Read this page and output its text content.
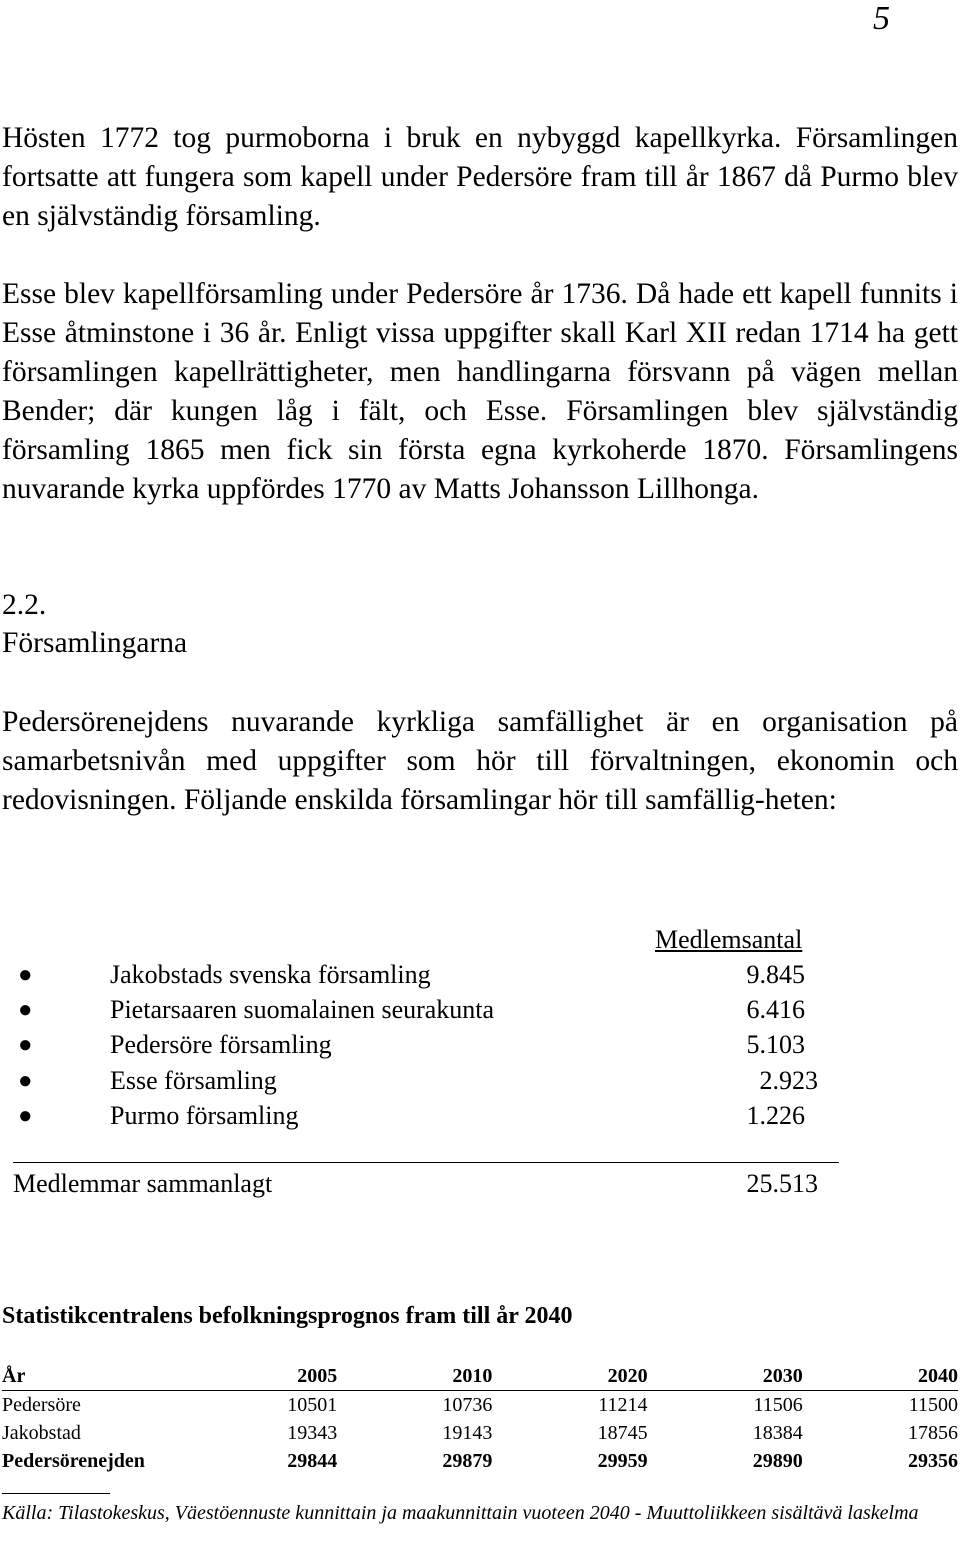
5

Hösten 1772 tog purmoborna i bruk en nybyggd kapellkyrka. Församlingen fortsatte att fungera som kapell under Pedersöre fram till år 1867 då Purmo blev en självständig församling.

Esse blev kapellförsamling under Pedersöre år 1736. Då hade ett kapell funnits i Esse åtminstone i 36 år. Enligt vissa uppgifter skall Karl XII redan 1714 ha gett församlingen kapellrättigheter, men handlingarna försvann på vägen mellan Bender; där kungen låg i fält, och Esse. Församlingen blev självständig församling 1865 men fick sin första egna kyrkoherde 1870. Församlingens nuvarande kyrka uppfördes 1770 av Matts Johansson Lillhonga.

2.2.
Församlingarna

Pedersörenejdens nuvarande kyrkliga samfällighet är en organisation på samarbetsnivån med uppgifter som hör till förvaltningen, ekonomin och redovisningen. Följande enskilda församlingar hör till samfällig-heten:

Medlemsantal
●	Jakobstads svenska församling	9.845
●	Pietarsaaren suomalainen seurakunta	6.416
●	Pedersöre församling	5.103
●	Esse församling	2.923
●	Purmo församling	1.226
Medlemmar sammanlagt	25.513
Statistikcentralens befolkningsprognos fram till år 2040
År	2005	2010	2020	2030	2040
Pedersöre	10501	10736	11214	11506	11500
Jakobstad	19343	19143	18745	18384	17856
Pedersörenejden	29844	29879	29959	29890	29356
Källa: Tilastokeskus, Väestöennuste kunnittain ja maakunnittain vuoteen 2040 - Muuttoliikkeen sisältävä laskelma
